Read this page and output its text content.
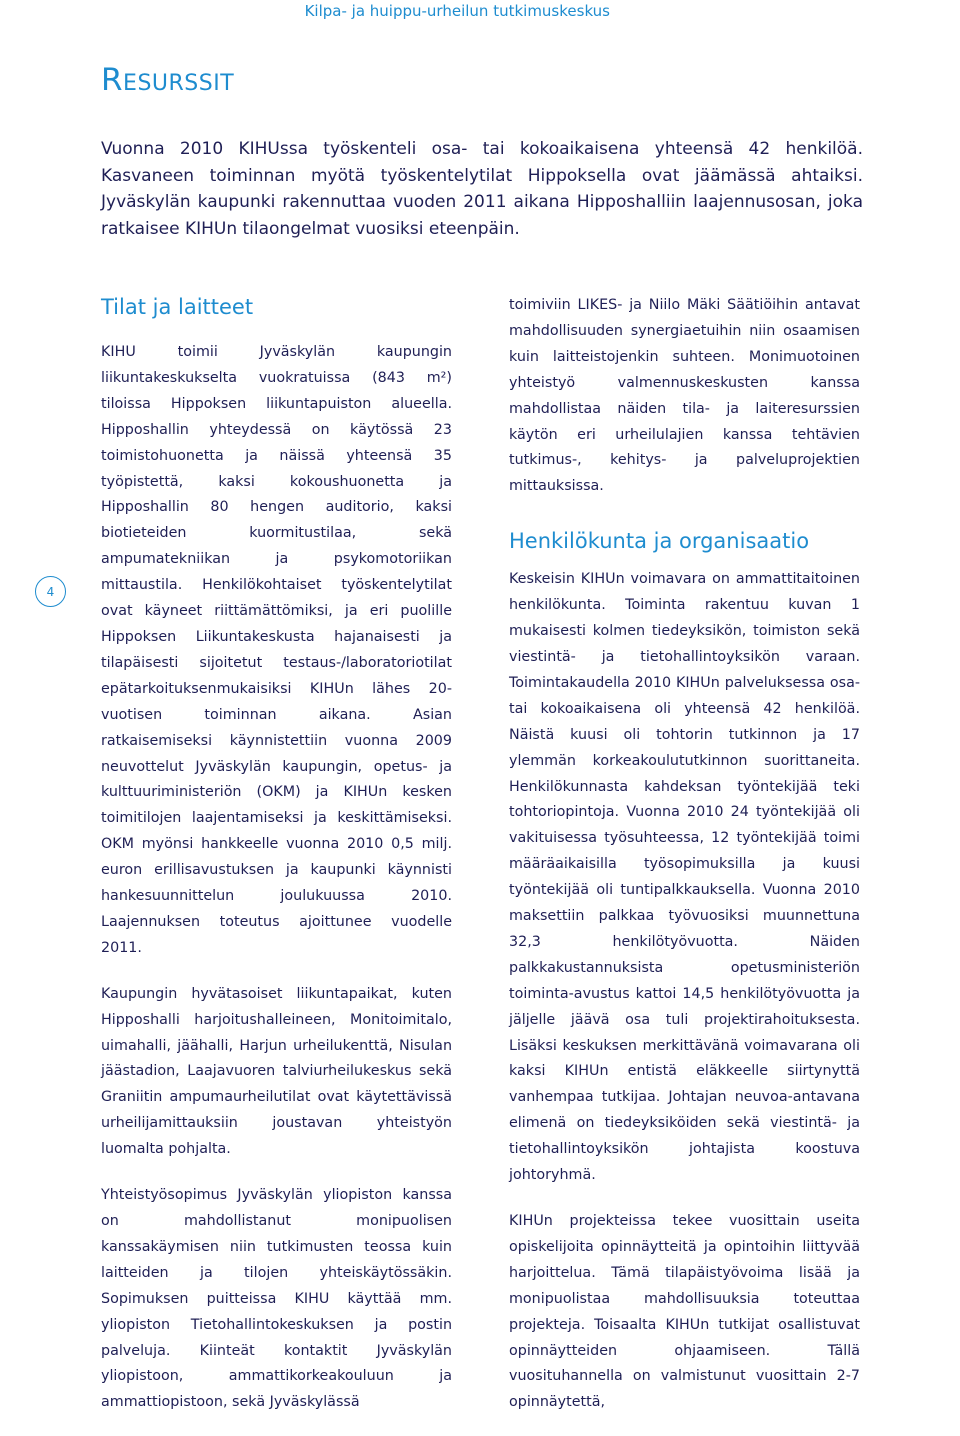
Kilpa- ja huippu-urheilun tutkimuskeskus
Resurssit
Vuonna 2010 KIHUssa työskenteli osa- tai kokoaikaisena yhteensä 42 henkilöä. Kasvaneen toiminnan myötä työskentelytilat Hippoksella ovat jäämässä ahtaiksi. Jyväskylän kaupunki rakennuttaa vuoden 2011 aikana Hipposhalliin laajennusosan, joka ratkaisee KIHUn tilaongelmat vuosiksi eteenpäin.
Tilat ja laitteet

KIHU toimii Jyväskylän kaupungin liikuntakeskukselta vuokratuissa (843 m²) tiloissa Hippoksen liikuntapuiston alueella. Hipposhallin yhteydessä on käytössä 23 toimistohuonetta ja näissä yhteensä 35 työpistettä, kaksi kokoushuonetta ja Hipposhallin 80 hengen auditorio, kaksi biotieteiden kuormitustilaa, sekä ampumatekniikan ja psykomotoriikan mittaustila. Henkilökohtaiset työskentelytilat ovat käyneet riittämättömiksi, ja eri puolille Hippoksen Liikuntakeskusta hajanaisesti ja tilapäisesti sijoitetut testaus-/laboratoriotilat epätarkoituksenmukaisiksi KIHUn lähes 20-vuotisen toiminnan aikana. Asian ratkaisemiseksi käynnistettiin vuonna 2009 neuvottelut Jyväskylän kaupungin, opetus- ja kulttuuriministeriön (OKM) ja KIHUn kesken toimitilojen laajentamiseksi ja keskittämiseksi. OKM myönsi hankkeelle vuonna 2010 0,5 milj. euron erillisavustuksen ja kaupunki käynnisti hankesuunnittelun joulukuussa 2010. Laajennuksen toteutus ajoittunee vuodelle 2011.

Kaupungin hyvätasoiset liikuntapaikat, kuten Hipposhalli harjoitushalleineen, Monitoimitalo, uimahalli, jäähalli, Harjun urheilukenttä, Nisulan jäästadion, Laajavuoren talviurheilukeskus sekä Graniitin ampumaurheilutilat ovat käytettävissä urheilijamittauksiin joustavan yhteistyön luomalta pohjalta.

Yhteistyösopimus Jyväskylän yliopiston kanssa on mahdollistanut monipuolisen kanssakäymisen niin tutkimusten teossa kuin laitteiden ja tilojen yhteiskäytössäkin. Sopimuksen puitteissa KIHU käyttää mm. yliopiston Tietohallintokeskuksen ja postin palveluja. Kiinteät kontaktit Jyväskylän yliopistoon, ammattikorkeakouluun ja ammattiopistoon, sekä Jyväskylässä

4

toimiviin LIKES- ja Niilo Mäki Säätiöihin antavat mahdollisuuden synergiaetuihin niin osaamisen kuin laitteistojenkin suhteen. Monimuotoinen yhteistyö valmennuskeskusten kanssa mahdollistaa näiden tila- ja laiteresurssien käytön eri urheilulajien kanssa tehtävien tutkimus-, kehitys- ja palveluprojektien mittauksissa.

Henkilökunta ja organisaatio

Keskeisin KIHUn voimavara on ammattitaitoinen henkilökunta. Toiminta rakentuu kuvan 1 mukaisesti kolmen tiedeyksikön, toimiston sekä viestintä- ja tietohallintoyksikön varaan. Toimintakaudella 2010 KIHUn palveluksessa osa- tai kokoaikaisena oli yhteensä 42 henkilöä. Näistä kuusi oli tohtorin tutkinnon ja 17 ylemmän korkeakoulututkinnon suorittaneita. Henkilökunnasta kahdeksan työntekijää teki tohtoriopintoja. Vuonna 2010 24 työntekijää oli vakituisessa työsuhteessa, 12 työntekijää toimi määräaikaisilla työsopimuksilla ja kuusi työntekijää oli tuntipalkkauksella. Vuonna 2010 maksettiin palkkaa työvuosiksi muunnettuna 32,3 henkilötyövuotta. Näiden palkkakustannuksista opetusministeriön toiminta-avustus kattoi 14,5 henkilötyövuotta ja jäljelle jäävä osa tuli projektirahoituksesta. Lisäksi keskuksen merkittävänä voimavarana oli kaksi KIHUn entistä eläkkeelle siirtynyttä vanhempaa tutkijaa. Johtajan neuvoa-antavana elimenä on tiedeyksiköiden sekä viestintä- ja tietohallintoyksikön johtajista koostuva johtoryhmä.

KIHUn projekteissa tekee vuosittain useita opiskelijoita opinnäytteitä ja opintoihin liittyvää harjoittelua. Tämä tilapäistyövoima lisää ja monipuolistaa mahdollisuuksia toteuttaa projekteja. Toisaalta KIHUn tutkijat osallistuvat opinnäytteiden ohjaamiseen. Tällä vuosituhannella on valmistunut vuosittain 2-7 opinnäytettä,
